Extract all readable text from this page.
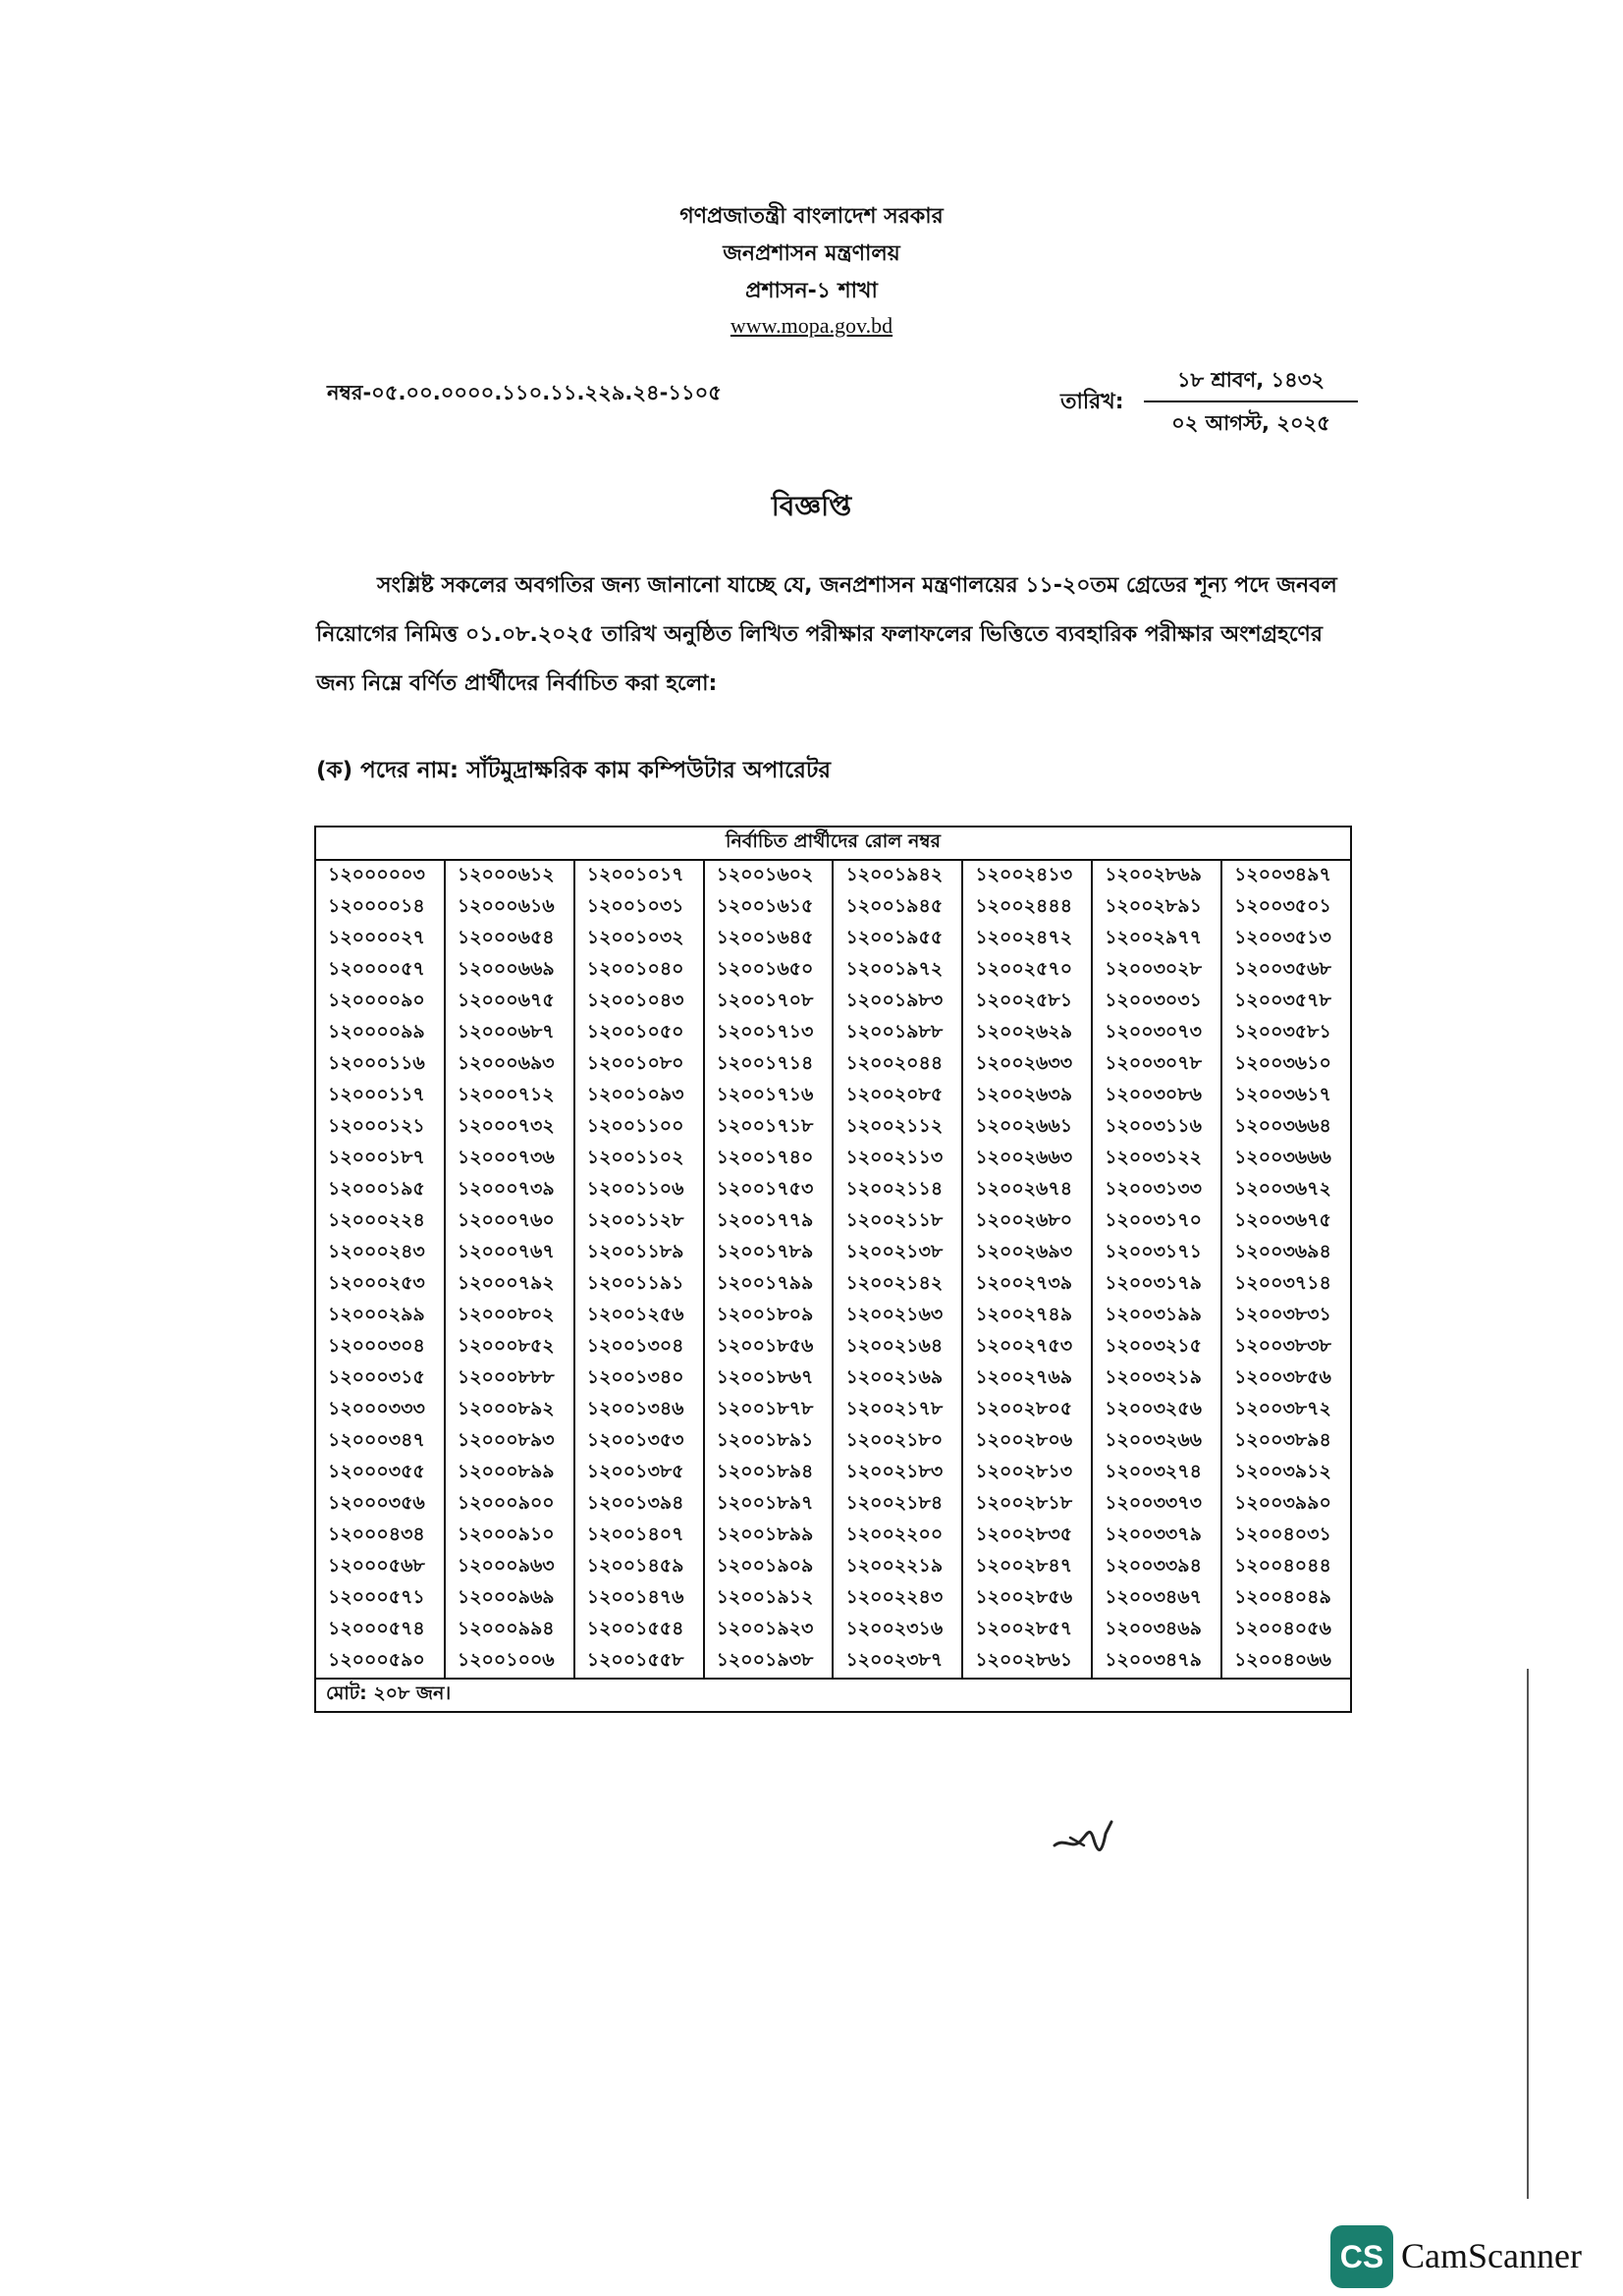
গণপ্রজাতন্ত্রী বাংলাদেশ সরকার
জনপ্রশাসন মন্ত্রণালয়
প্রশাসন-১ শাখা
www.mopa.gov.bd
নম্বর-০৫.০০.০০০০.১১০.১১.২২৯.২৪-১১০৫	তারিখ:
১৮ শ্রাবণ, ১৪৩২
০২ আগস্ট, ২০২৫
বিজ্ঞপ্তি
সংশ্লিষ্ট সকলের অবগতির জন্য জানানো যাচ্ছে যে, জনপ্রশাসন মন্ত্রণালয়ের ১১-২০তম গ্রেডের শূন্য পদে জনবল নিয়োগের নিমিত্ত ০১.০৮.২০২৫ তারিখ অনুষ্ঠিত লিখিত পরীক্ষার ফলাফলের ভিত্তিতে ব্যবহারিক পরীক্ষার অংশগ্রহণের জন্য নিম্নে বর্ণিত প্রার্থীদের নির্বাচিত করা হলো:
(ক) পদের নাম: সাঁটমুদ্রাক্ষরিক কাম কম্পিউটার অপারেটর
নির্বাচিত প্রার্থীদের রোল নম্বর							
১২০০০০০৩	১২০০০৬১২	১২০০১০১৭	১২০০১৬০২	১২০০১৯৪২	১২০০২৪১৩	১২০০২৮৬৯	১২০০৩৪৯৭
১২০০০০১৪	১২০০০৬১৬	১২০০১০৩১	১২০০১৬১৫	১২০০১৯৪৫	১২০০২৪৪৪	১২০০২৮৯১	১২০০৩৫০১
১২০০০০২৭	১২০০০৬৫৪	১২০০১০৩২	১২০০১৬৪৫	১২০০১৯৫৫	১২০০২৪৭২	১২০০২৯৭৭	১২০০৩৫১৩
১২০০০০৫৭	১২০০০৬৬৯	১২০০১০৪০	১২০০১৬৫০	১২০০১৯৭২	১২০০২৫৭০	১২০০৩০২৮	১২০০৩৫৬৮
১২০০০০৯০	১২০০০৬৭৫	১২০০১০৪৩	১২০০১৭০৮	১২০০১৯৮৩	১২০০২৫৮১	১২০০৩০৩১	১২০০৩৫৭৮
১২০০০০৯৯	১২০০০৬৮৭	১২০০১০৫০	১২০০১৭১৩	১২০০১৯৮৮	১২০০২৬২৯	১২০০৩০৭৩	১২০০৩৫৮১
১২০০০১১৬	১২০০০৬৯৩	১২০০১০৮০	১২০০১৭১৪	১২০০২০৪৪	১২০০২৬৩৩	১২০০৩০৭৮	১২০০৩৬১০
১২০০০১১৭	১২০০০৭১২	১২০০১০৯৩	১২০০১৭১৬	১২০০২০৮৫	১২০০২৬৩৯	১২০০৩০৮৬	১২০০৩৬১৭
১২০০০১২১	১২০০০৭৩২	১২০০১১০০	১২০০১৭১৮	১২০০২১১২	১২০০২৬৬১	১২০০৩১১৬	১২০০৩৬৬৪
১২০০০১৮৭	১২০০০৭৩৬	১২০০১১০২	১২০০১৭৪০	১২০০২১১৩	১২০০২৬৬৩	১২০০৩১২২	১২০০৩৬৬৬
১২০০০১৯৫	১২০০০৭৩৯	১২০০১১০৬	১২০০১৭৫৩	১২০০২১১৪	১২০০২৬৭৪	১২০০৩১৩৩	১২০০৩৬৭২
১২০০০২২৪	১২০০০৭৬০	১২০০১১২৮	১২০০১৭৭৯	১২০০২১১৮	১২০০২৬৮০	১২০০৩১৭০	১২০০৩৬৭৫
১২০০০২৪৩	১২০০০৭৬৭	১২০০১১৮৯	১২০০১৭৮৯	১২০০২১৩৮	১২০০২৬৯৩	১২০০৩১৭১	১২০০৩৬৯৪
১২০০০২৫৩	১২০০০৭৯২	১২০০১১৯১	১২০০১৭৯৯	১২০০২১৪২	১২০০২৭৩৯	১২০০৩১৭৯	১২০০৩৭১৪
১২০০০২৯৯	১২০০০৮০২	১২০০১২৫৬	১২০০১৮০৯	১২০০২১৬৩	১২০০২৭৪৯	১২০০৩১৯৯	১২০০৩৮৩১
১২০০০৩০৪	১২০০০৮৫২	১২০০১৩০৪	১২০০১৮৫৬	১২০০২১৬৪	১২০০২৭৫৩	১২০০৩২১৫	১২০০৩৮৩৮
১২০০০৩১৫	১২০০০৮৮৮	১২০০১৩৪০	১২০০১৮৬৭	১২০০২১৬৯	১২০০২৭৬৯	১২০০৩২১৯	১২০০৩৮৫৬
১২০০০৩৩৩	১২০০০৮৯২	১২০০১৩৪৬	১২০০১৮৭৮	১২০০২১৭৮	১২০০২৮০৫	১২০০৩২৫৬	১২০০৩৮৭২
১২০০০৩৪৭	১২০০০৮৯৩	১২০০১৩৫৩	১২০০১৮৯১	১২০০২১৮০	১২০০২৮০৬	১২০০৩২৬৬	১২০০৩৮৯৪
১২০০০৩৫৫	১২০০০৮৯৯	১২০০১৩৮৫	১২০০১৮৯৪	১২০০২১৮৩	১২০০২৮১৩	১২০০৩২৭৪	১২০০৩৯১২
১২০০০৩৫৬	১২০০০৯০০	১২০০১৩৯৪	১২০০১৮৯৭	১২০০২১৮৪	১২০০২৮১৮	১২০০৩৩৭৩	১২০০৩৯৯০
১২০০০৪৩৪	১২০০০৯১০	১২০০১৪০৭	১২০০১৮৯৯	১২০০২২০০	১২০০২৮৩৫	১২০০৩৩৭৯	১২০০৪০৩১
১২০০০৫৬৮	১২০০০৯৬৩	১২০০১৪৫৯	১২০০১৯০৯	১২০০২২১৯	১২০০২৮৪৭	১২০০৩৩৯৪	১২০০৪০৪৪
১২০০০৫৭১	১২০০০৯৬৯	১২০০১৪৭৬	১২০০১৯১২	১২০০২২৪৩	১২০০২৮৫৬	১২০০৩৪৬৭	১২০০৪০৪৯
১২০০০৫৭৪	১২০০০৯৯৪	১২০০১৫৫৪	১২০০১৯২৩	১২০০২৩১৬	১২০০২৮৫৭	১২০০৩৪৬৯	১২০০৪০৫৬
১২০০০৫৯০	১২০০১০০৬	১২০০১৫৫৮	১২০০১৯৩৮	১২০০২৩৮৭	১২০০২৮৬১	১২০০৩৪৭৯	১২০০৪০৬৬
মোট: ২০৮ জন।							
CS CamScanner
